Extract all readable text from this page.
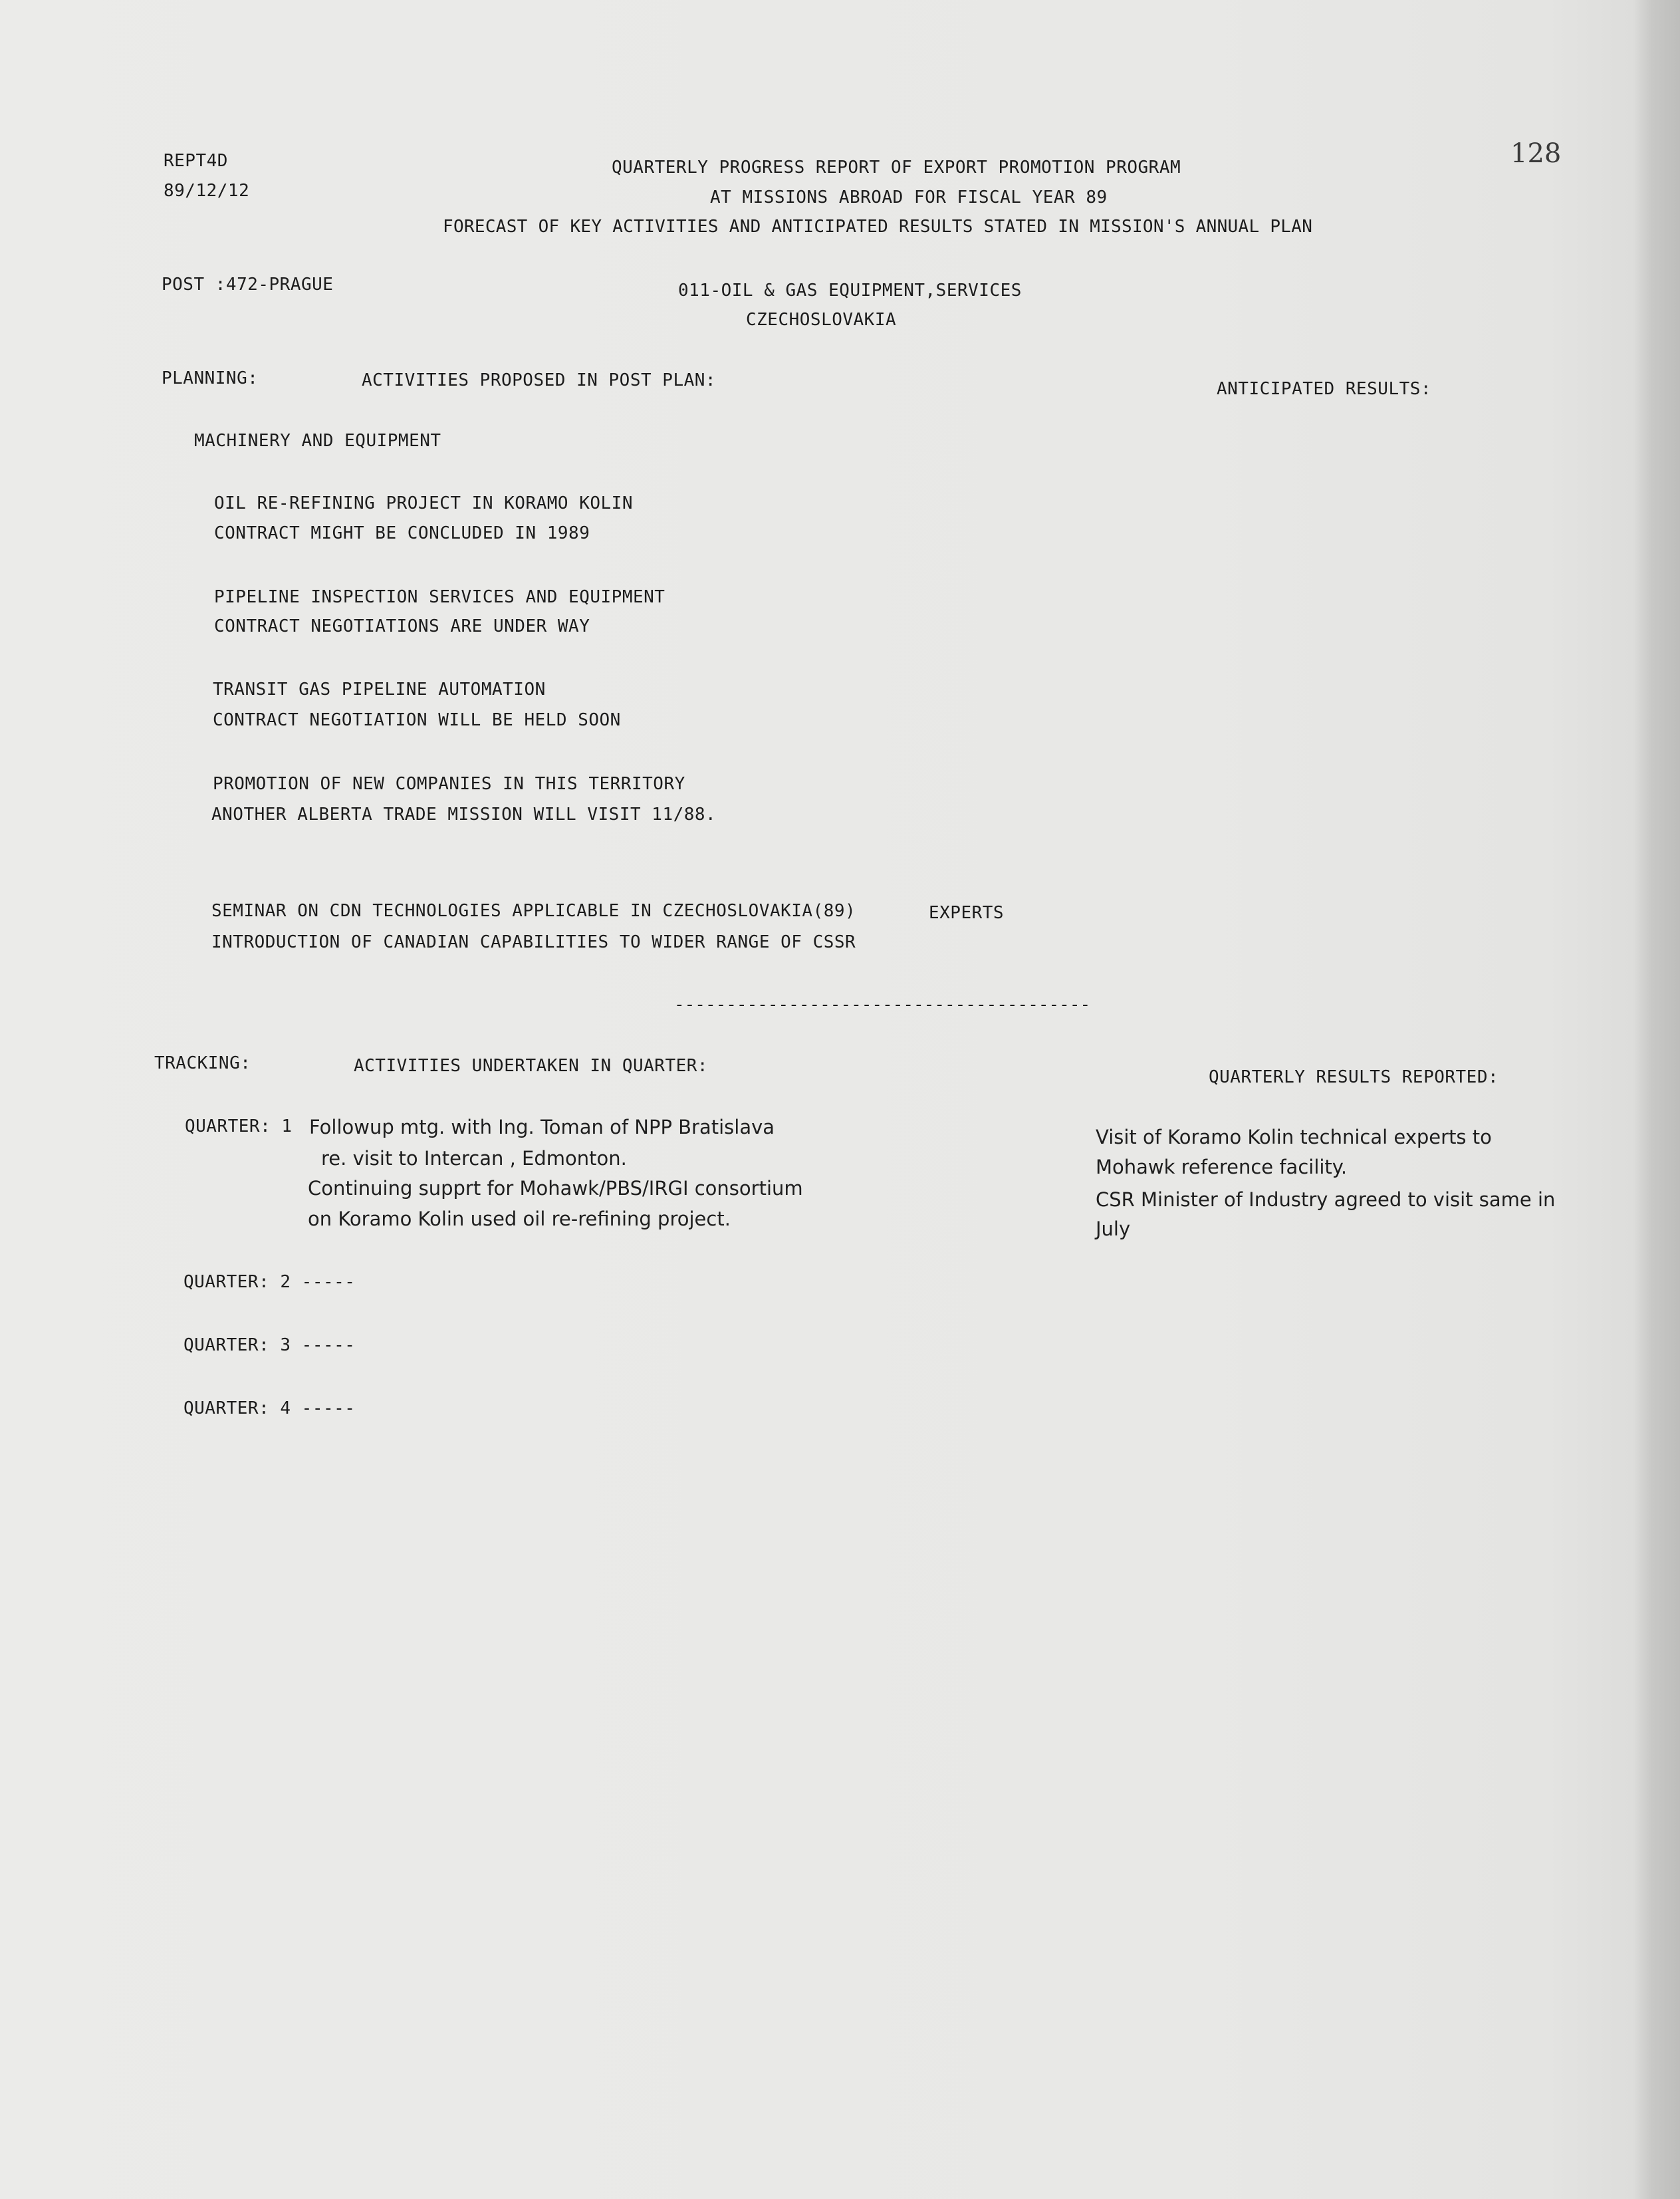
REPT4D
89/12/12
QUARTERLY PROGRESS REPORT OF EXPORT PROMOTION PROGRAM
AT MISSIONS ABROAD FOR FISCAL YEAR 89
FORECAST OF KEY ACTIVITIES AND ANTICIPATED RESULTS STATED IN MISSION'S ANNUAL PLAN
128
POST :472-PRAGUE	011-OIL & GAS EQUIPMENT,SERVICES
CZECHOSLOVAKIA
PLANNING:	ACTIVITIES PROPOSED IN POST PLAN:	ANTICIPATED RESULTS:
MACHINERY AND EQUIPMENT
OIL RE-REFINING PROJECT IN KORAMO KOLIN
CONTRACT MIGHT BE CONCLUDED IN 1989
PIPELINE INSPECTION SERVICES AND EQUIPMENT
CONTRACT NEGOTIATIONS ARE UNDER WAY
TRANSIT GAS PIPELINE AUTOMATION
CONTRACT NEGOTIATION WILL BE HELD SOON
PROMOTION OF NEW COMPANIES IN THIS TERRITORY
ANOTHER ALBERTA TRADE MISSION WILL VISIT 11/88.
SEMINAR ON CDN TECHNOLOGIES APPLICABLE IN CZECHOSLOVAKIA(89)	EXPERTS
INTRODUCTION OF CANADIAN CAPABILITIES TO WIDER RANGE OF CSSR
----------------------------------------
TRACKING:	ACTIVITIES UNDERTAKEN IN QUARTER:
QUARTERLY RESULTS REPORTED:
QUARTER: 1 Followup mtg. with Ing. Toman of NPP Bratislava
re. visit to Intercan , Edmonton.
Continuing supprt for Mohawk/PBS/IRGI consortium
on Koramo Kolin used oil re-refining project.
Visit of Koramo Kolin technical experts to
Mohawk reference facility.
CSR Minister of Industry agreed to visit same in
July
QUARTER: 2 -----
QUARTER: 3 -----
QUARTER: 4 -----
